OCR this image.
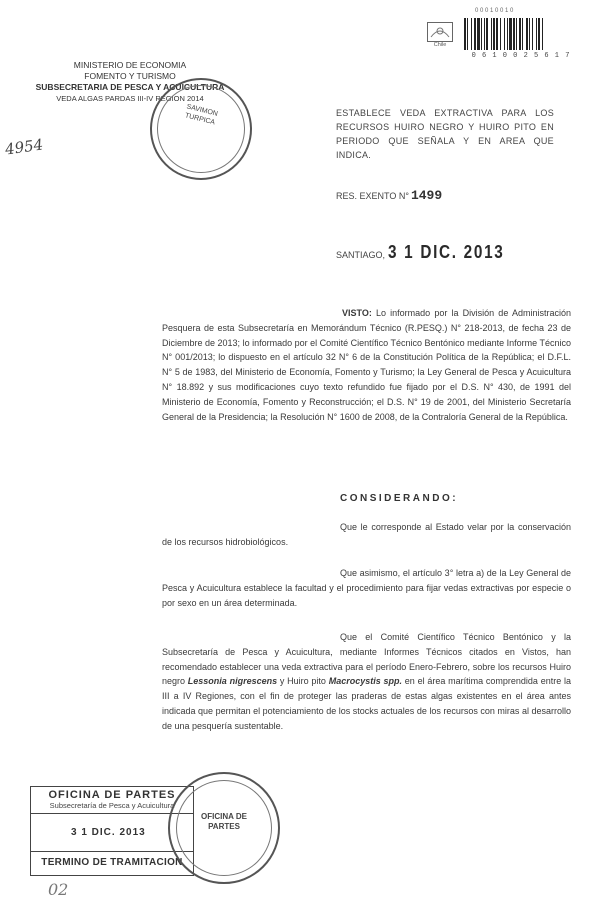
MINISTERIO DE ECONOMIA
FOMENTO Y TURISMO
SUBSECRETARIA DE PESCA Y ACUICULTURA
VEDA ALGAS PARDAS III-IV REGION 2014
SAVIMON TURPICA
4954
Chile
0 0 0 1 0 0 1 0
0 6 1 0 0 2 5 6 1 7
ESTABLECE VEDA EXTRACTIVA PARA LOS RECURSOS HUIRO NEGRO Y HUIRO PITO EN PERIODO QUE SEÑALA Y EN AREA QUE INDICA.
RES. EXENTO N° 1499
SANTIAGO, 3 1 DIC. 2013
VISTO: Lo informado por la División de Administración Pesquera de esta Subsecretaría en Memorándum Técnico (R.PESQ.) N° 218-2013, de fecha 23 de Diciembre de 2013; lo informado por el Comité Científico Técnico Bentónico mediante Informe Técnico N° 001/2013; lo dispuesto en el artículo 32 N° 6 de la Constitución Política de la República; el D.F.L. N° 5 de 1983, del Ministerio de Economía, Fomento y Turismo; la Ley General de Pesca y Acuicultura N° 18.892 y sus modificaciones cuyo texto refundido fue fijado por el D.S. N° 430, de 1991 del Ministerio de Economía, Fomento y Reconstrucción; el D.S. N° 19 de 2001, del Ministerio Secretaría General de la Presidencia; la Resolución N° 1600 de 2008, de la Contraloría General de la República.
CONSIDERANDO:
Que le corresponde al Estado velar por la conservación de los recursos hidrobiológicos.
Que asimismo, el artículo 3° letra a) de la Ley General de Pesca y Acuicultura establece la facultad y el procedimiento para fijar vedas extractivas por especie o por sexo en un área determinada.
Que el Comité Científico Técnico Bentónico y la Subsecretaría de Pesca y Acuicultura, mediante Informes Técnicos citados en Vistos, han recomendado establecer una veda extractiva para el período Enero-Febrero, sobre los recursos Huiro negro Lessonia nigrescens y Huiro pito Macrocystis spp. en el área marítima comprendida entre la III a IV Regiones, con el fin de proteger las praderas de estas algas existentes en el área antes indicada que permitan el potenciamiento de los stocks actuales de los recursos con miras al desarrollo de una pesquería sustentable.
OFICINA DE PARTES
Subsecretaría de Pesca y Acuicultura
3 1 DIC. 2013
TERMINO DE TRAMITACION
OFICINA DE PARTES
02
